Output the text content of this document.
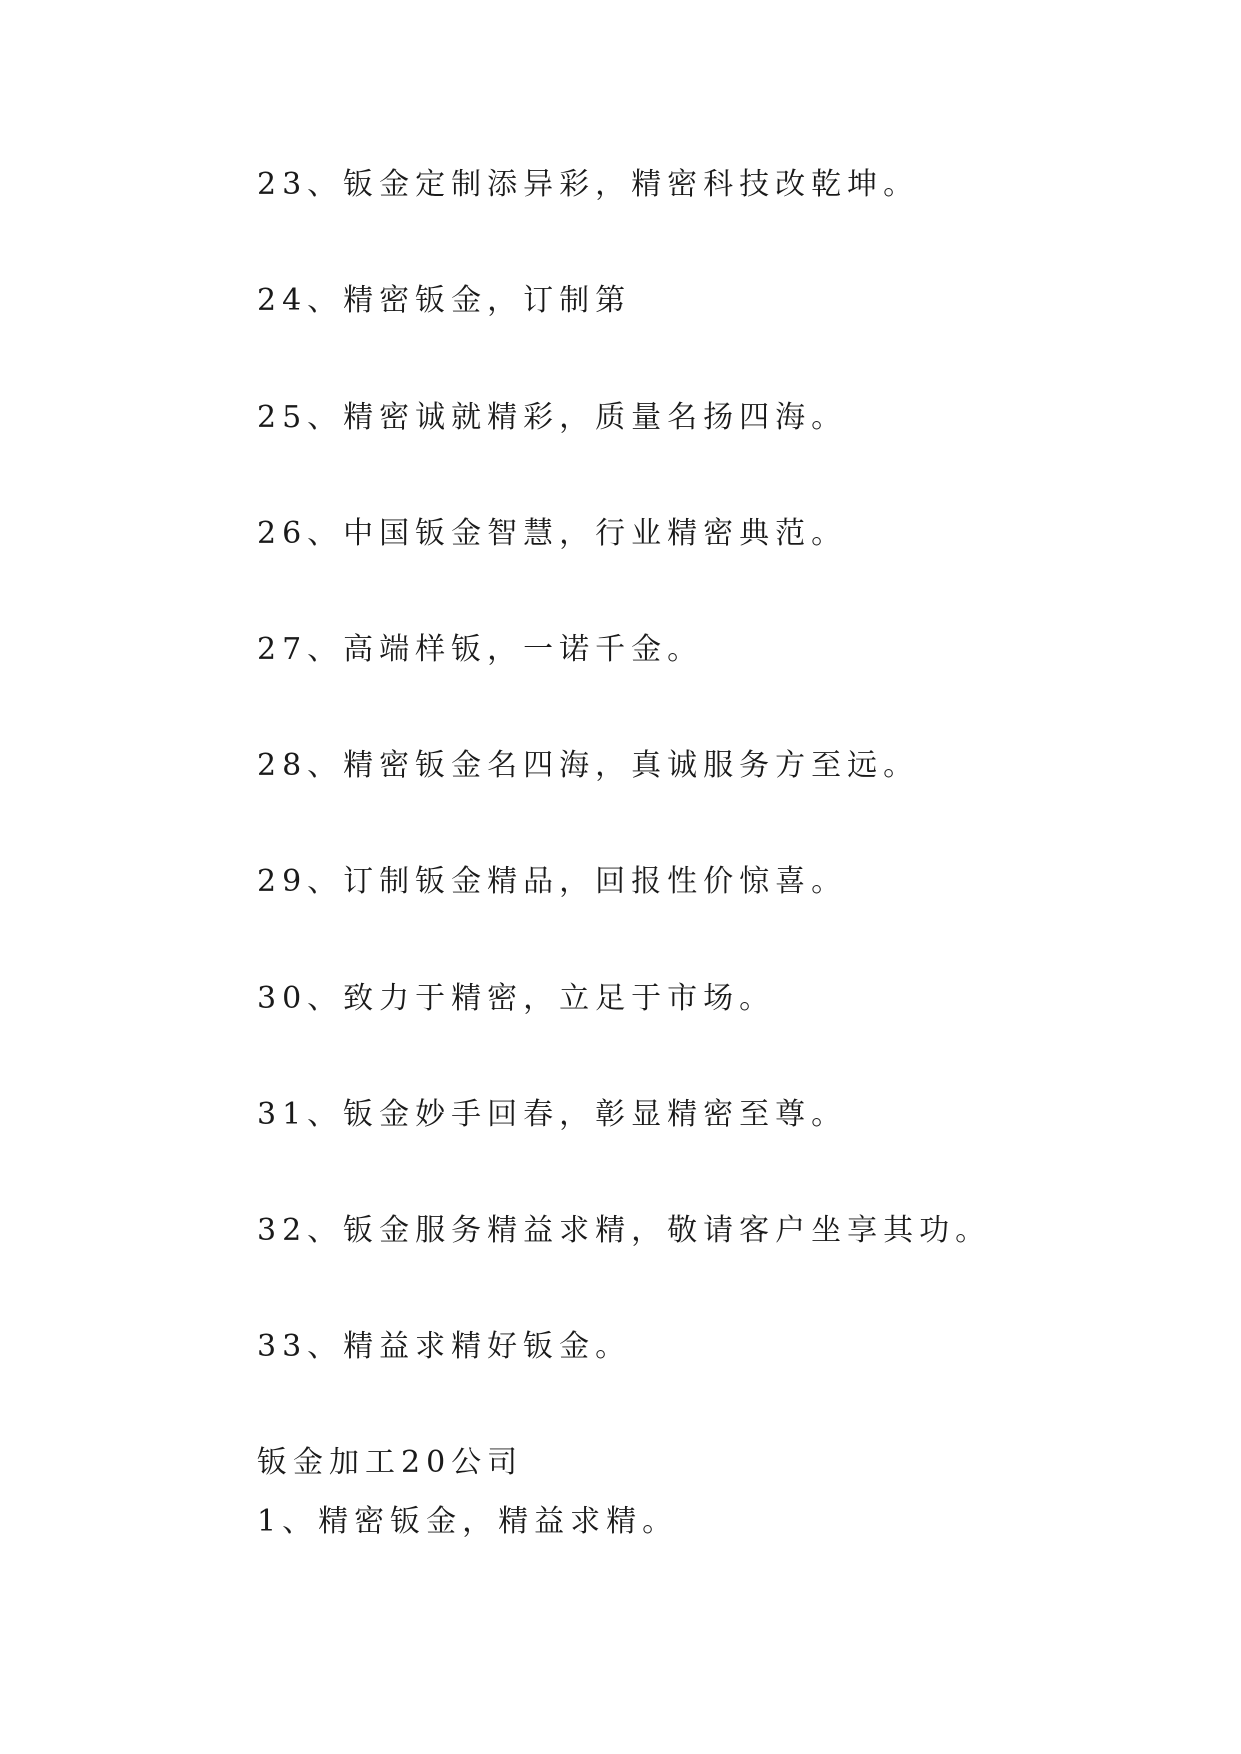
23、钣金定制添异彩，精密科技改乾坤。
24、精密钣金，订制第
25、精密诚就精彩，质量名扬四海。
26、中国钣金智慧，行业精密典范。
27、高端样钣，一诺千金。
28、精密钣金名四海，真诚服务方至远。
29、订制钣金精品，回报性价惊喜。
30、致力于精密，立足于市场。
31、钣金妙手回春，彰显精密至尊。
32、钣金服务精益求精，敬请客户坐享其功。
33、精益求精好钣金。
钣金加工20公司
1、精密钣金，精益求精。
